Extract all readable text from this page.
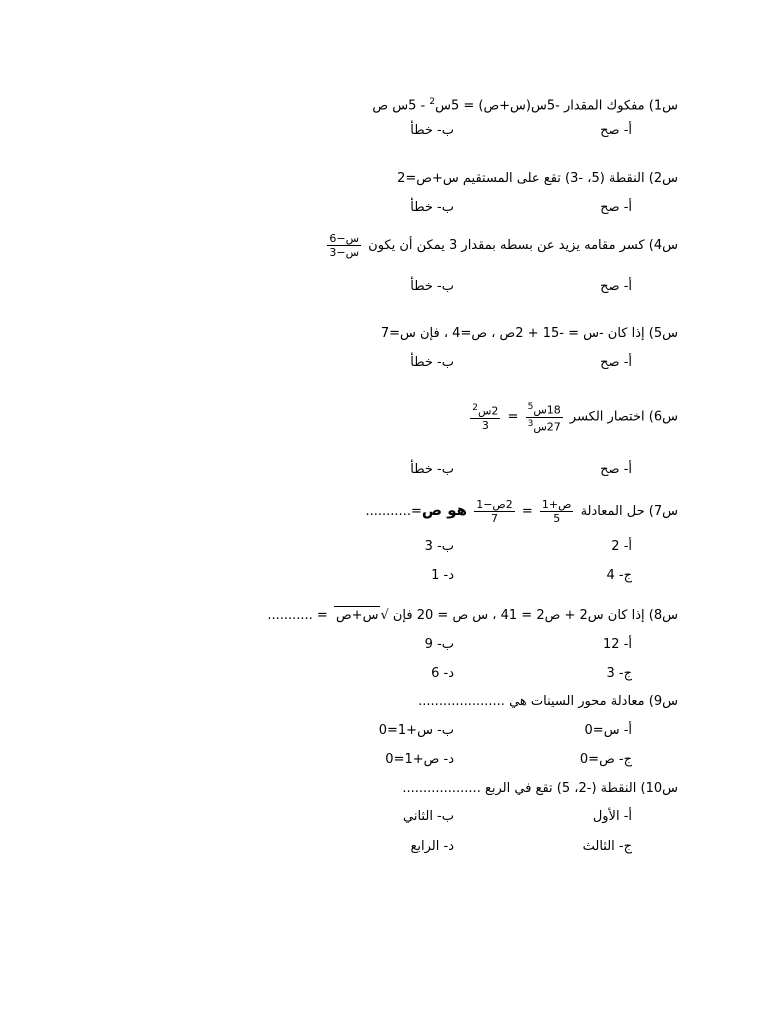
س1) مفكوك المقدار -5س(س+ص) = 5س$^2$ - 5س ص
أ- صح
ب- خطأ
س2) النقطة (5، -3) تقع على المستقيم س+ص=2
أ- صح
ب- خطأ
س4) كسر مقامه يزيد عن بسطه بمقدار 3 يمكن أن يكون
$\frac{\text{س−6}}{\text{س−3}}$
أ- صح
ب- خطأ
س5) إذا كان -س = -15 + 2ص ، ص=4 ، فإن س=7
أ- صح
ب- خطأ
س6) اختصار الكسر
$\frac{18س^5}{27س^3}$
=
$\frac{2س^2}{3}$
أ- صح
ب- خطأ
س7) حل المعادلة
$\frac{\text{ص+1}}{5}$
=
$\frac{\text{2ص−1}}{7}$
هو ص=...........
أ- 2
ب- 3
ج- 4
د- 1
س8) إذا كان س2 + ص2 = 41 ، س ص = 20 فإن √س+ص = ...........
أ- 12
ب- 9
ج- 3
د- 6
س9) معادلة محور السينات هي .....................
أ- س=0
ب- س+1=0
ج- ص=0
د- ص+1=0
س10) النقطة (-2، 5) تقع في الربع ...................
أ- الأول
ب- الثاني
ج- الثالث
د- الرابع
